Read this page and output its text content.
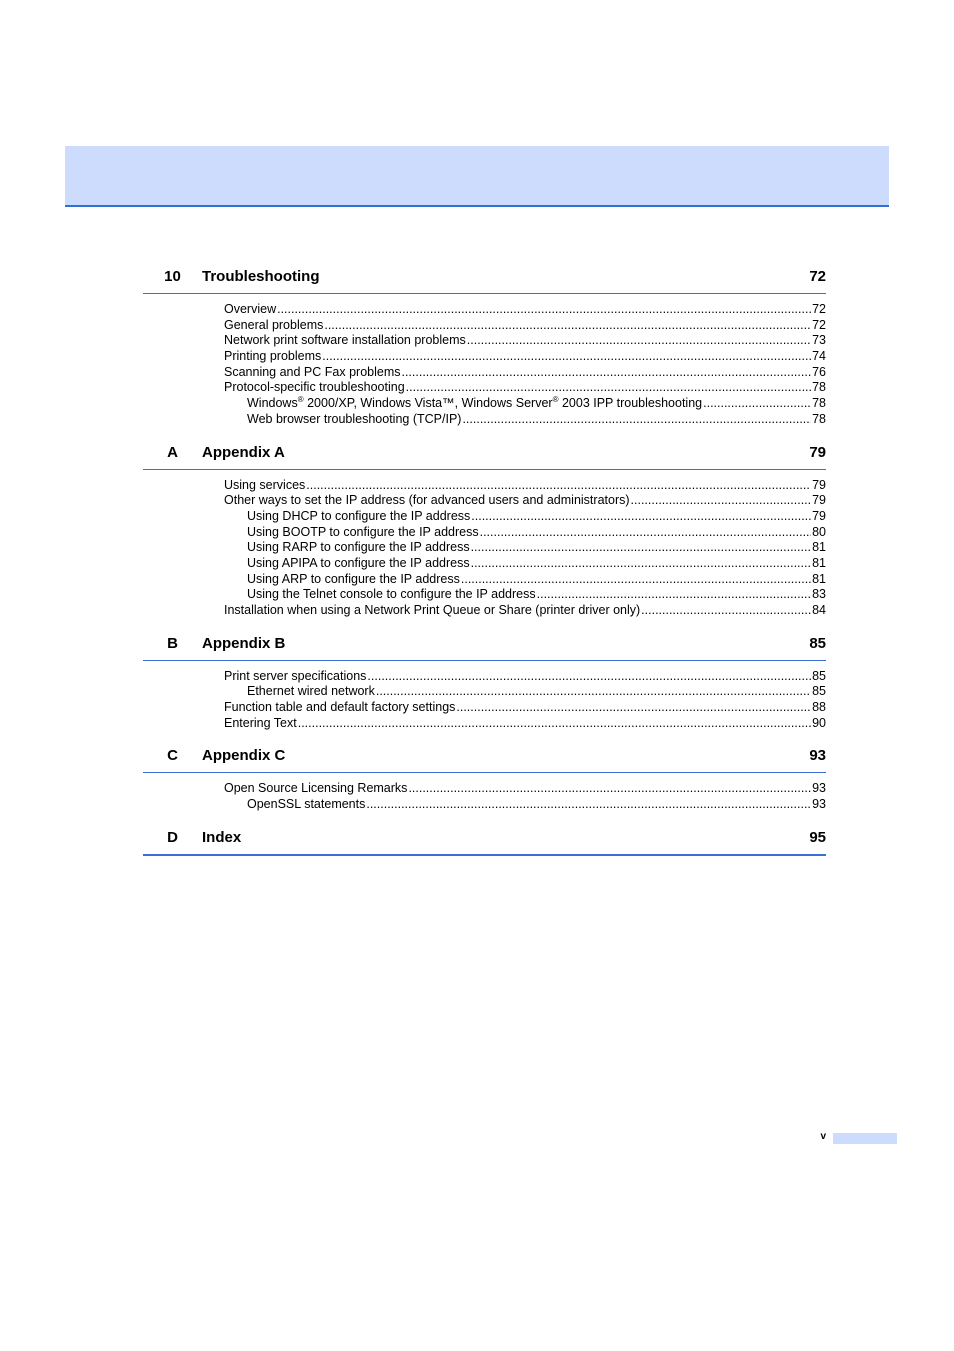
10	Troubleshooting	72
Overview .....	72
General problems .....	72
Network print software installation problems .....	73
Printing problems .....	74
Scanning and PC Fax problems .....	76
Protocol-specific troubleshooting .....	78
Windows® 2000/XP, Windows Vista™, Windows Server® 2003 IPP troubleshooting .....	78
Web browser troubleshooting (TCP/IP) .....	78
A	Appendix A	79
Using services .....	79
Other ways to set the IP address (for advanced users and administrators) .....	79
Using DHCP to configure the IP address .....	79
Using BOOTP to configure the IP address .....	80
Using RARP to configure the IP address .....	81
Using APIPA to configure the IP address .....	81
Using ARP to configure the IP address .....	81
Using the Telnet console to configure the IP address .....	83
Installation when using a Network Print Queue or Share (printer driver only) .....	84
B	Appendix B	85
Print server specifications .....	85
Ethernet wired network .....	85
Function table and default factory settings .....	88
Entering Text .....	90
C	Appendix C	93
Open Source Licensing Remarks .....	93
OpenSSL statements .....	93
D	Index	95
v
